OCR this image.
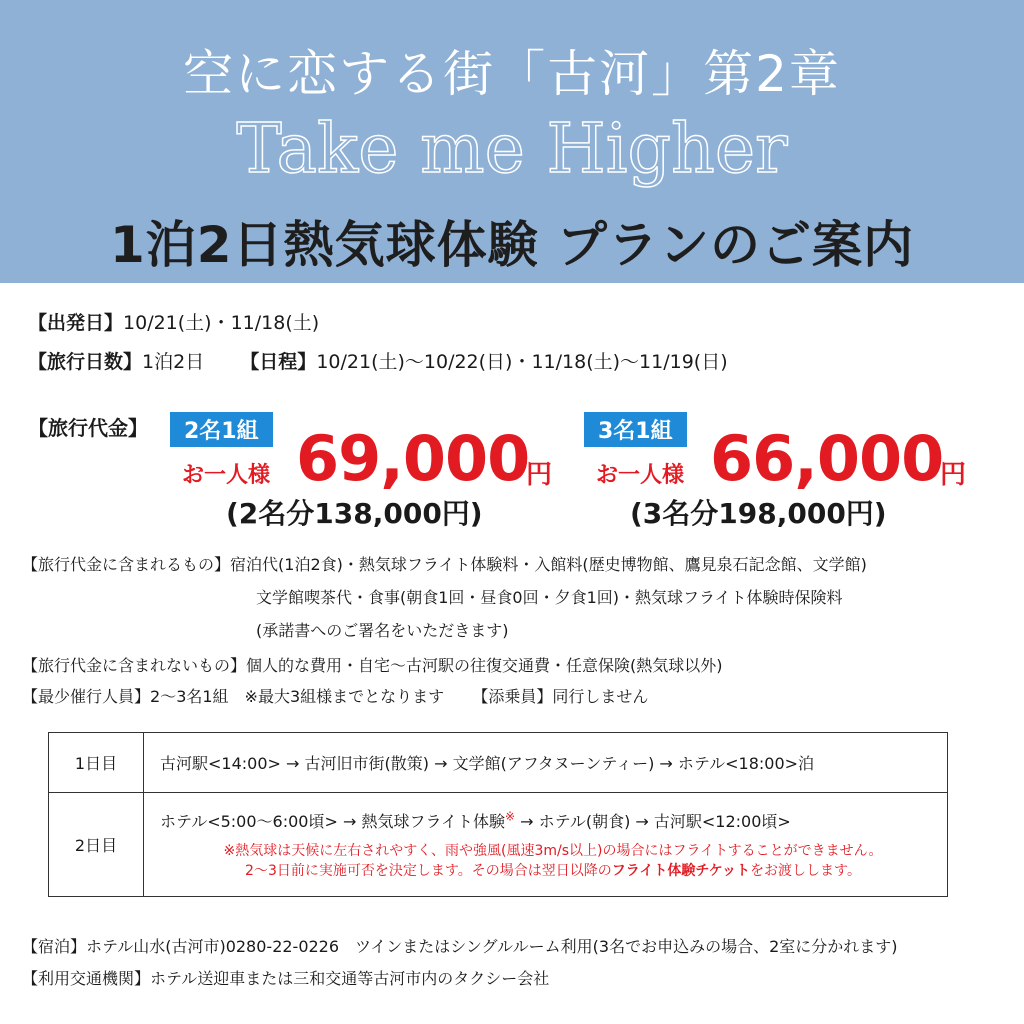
空に恋する街「古河」第2章
Take me Higher
1泊2日熱気球体験 プランのご案内
【出発日】10/21(土)・11/18(土)
【旅行日数】1泊2日 【日程】10/21(土)〜10/22(日)・11/18(土)〜11/19(日)
【旅行代金】	2名1組
お一人様 69,000
円
(2名分138,000円)
3名1組
お一人様 66,000
円
(3名分198,000円)
【旅行代金に含まれるもの】宿泊代(1泊2食)・熱気球フライト体験料・入館料(歴史博物館、鷹見泉石記念館、文学館)
文学館喫茶代・食事(朝食1回・昼食0回・夕食1回)・熱気球フライト体験時保険料
(承諾書へのご署名をいただきます)
【旅行代金に含まれないもの】個人的な費用・自宅〜古河駅の往復交通費・任意保険(熱気球以外)
【最少催行人員】2〜3名1組　※最大3組様までとなります 【添乗員】同行しません
1日目	古河駅<14:00> → 古河旧市街(散策) → 文学館(アフタヌーンティー) → ホテル<18:00>泊
2日目	ホテル<5:00〜6:00頃> → 熱気球フライト体験※ → ホテル(朝食) → 古河駅<12:00頃>
※熱気球は天候に左右されやすく、雨や強風(風速3m/s以上)の場合にはフライトすることができません。
2〜3日前に実施可否を決定します。その場合は翌日以降のフライト体験チケットをお渡しします。
【宿泊】ホテル山水(古河市)0280-22-0226　ツインまたはシングルルーム利用(3名でお申込みの場合、2室に分かれます)
【利用交通機関】ホテル送迎車または三和交通等古河市内のタクシー会社
